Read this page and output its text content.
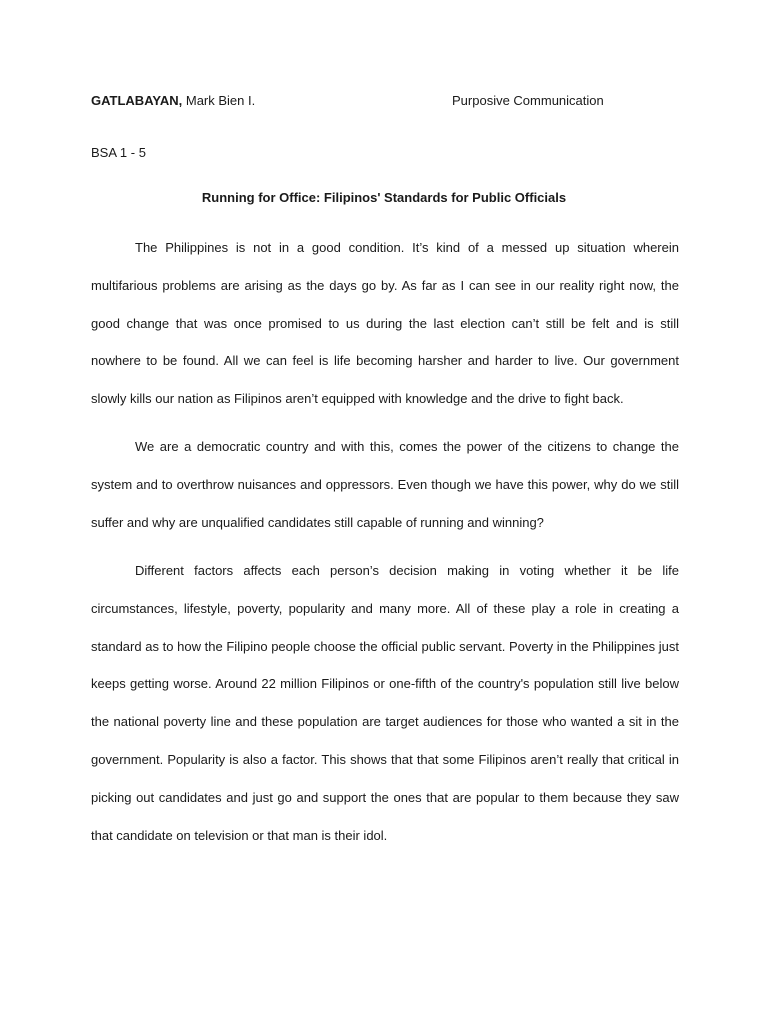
GATLABAYAN, Mark Bien I.	Purposive Communication
BSA 1 - 5
Running for Office: Filipinos' Standards for Public Officials

The Philippines is not in a good condition. It’s kind of a messed up situation wherein multifarious problems are arising as the days go by. As far as I can see in our reality right now, the good change that was once promised to us during the last election can’t still be felt and is still nowhere to be found. All we can feel is life becoming harsher and harder to live. Our government slowly kills our nation as Filipinos aren’t equipped with knowledge and the drive to fight back.

We are a democratic country and with this, comes the power of the citizens to change the system and to overthrow nuisances and oppressors. Even though we have this power, why do we still suffer and why are unqualified candidates still capable of running and winning?

Different factors affects each person’s decision making in voting whether it be life circumstances, lifestyle, poverty, popularity and many more. All of these play a role in creating a standard as to how the Filipino people choose the official public servant. Poverty in the Philippines just keeps getting worse. Around 22 million Filipinos or one-fifth of the country's population still live below the national poverty line and these population are target audiences for those who wanted a sit in the government. Popularity is also a factor. This shows that that some Filipinos aren’t really that critical in picking out candidates and just go and support the ones that are popular to them because they saw that candidate on television or that man is their idol.
